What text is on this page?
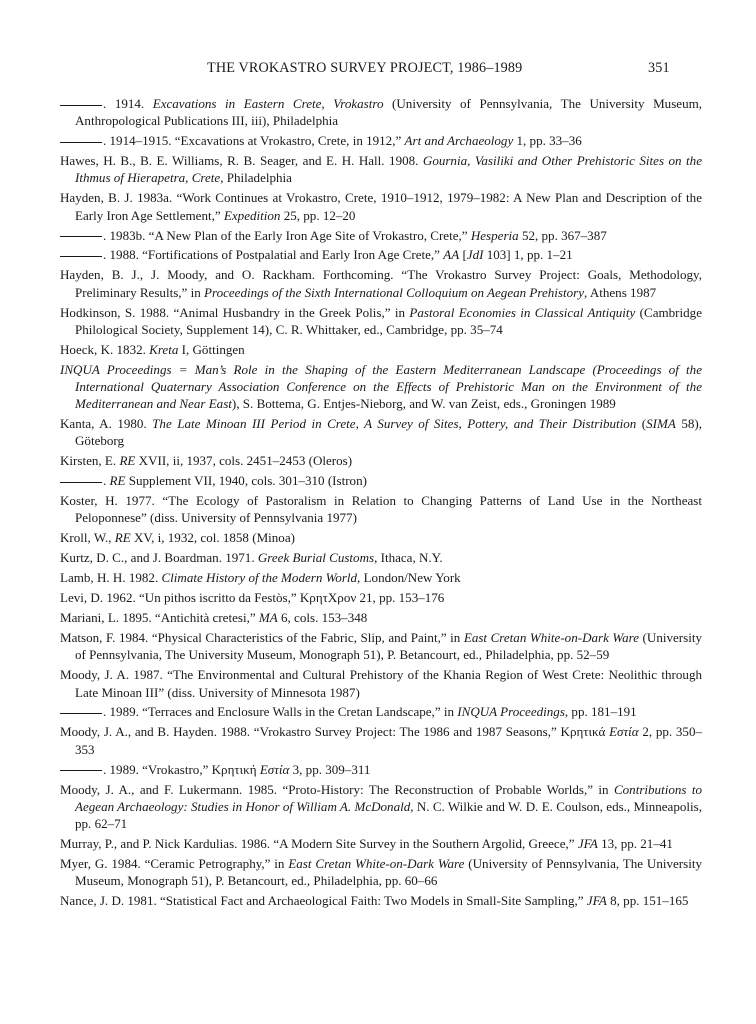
THE VROKASTRO SURVEY PROJECT, 1986–1989	351

. 1914. Excavations in Eastern Crete, Vrokastro (University of Pennsylvania, The University Museum, Anthropological Publications III, iii), Philadelphia

. 1914–1915. “Excavations at Vrokastro, Crete, in 1912,” Art and Archaeology 1, pp. 33–36

Hawes, H. B., B. E. Williams, R. B. Seager, and E. H. Hall. 1908. Gournia, Vasiliki and Other Prehistoric Sites on the Ithmus of Hierapetra, Crete, Philadelphia

Hayden, B. J. 1983a. “Work Continues at Vrokastro, Crete, 1910–1912, 1979–1982: A New Plan and Description of the Early Iron Age Settlement,” Expedition 25, pp. 12–20

. 1983b. “A New Plan of the Early Iron Age Site of Vrokastro, Crete,” Hesperia 52, pp. 367–387

. 1988. “Fortifications of Postpalatial and Early Iron Age Crete,” AA [JdI 103] 1, pp. 1–21

Hayden, B. J., J. Moody, and O. Rackham. Forthcoming. “The Vrokastro Survey Project: Goals, Methodology, Preliminary Results,” in Proceedings of the Sixth International Colloquium on Aegean Prehistory, Athens 1987

Hodkinson, S. 1988. “Animal Husbandry in the Greek Polis,” in Pastoral Economies in Classical Antiquity (Cambridge Philological Society, Supplement 14), C. R. Whittaker, ed., Cambridge, pp. 35–74

Hoeck, K. 1832. Kreta I, Göttingen

INQUA Proceedings = Man’s Role in the Shaping of the Eastern Mediterranean Landscape (Proceedings of the International Quaternary Association Conference on the Effects of Prehistoric Man on the Environment of the Mediterranean and Near East), S. Bottema, G. Entjes-Nieborg, and W. van Zeist, eds., Groningen 1989

Kanta, A. 1980. The Late Minoan III Period in Crete, A Survey of Sites, Pottery, and Their Distribution (SIMA 58), Göteborg

Kirsten, E. RE XVII, ii, 1937, cols. 2451–2453 (Oleros)

. RE Supplement VII, 1940, cols. 301–310 (Istron)

Koster, H. 1977. “The Ecology of Pastoralism in Relation to Changing Patterns of Land Use in the Northeast Peloponnese” (diss. University of Pennsylvania 1977)

Kroll, W., RE XV, i, 1932, col. 1858 (Minoa)

Kurtz, D. C., and J. Boardman. 1971. Greek Burial Customs, Ithaca, N.Y.

Lamb, H. H. 1982. Climate History of the Modern World, London/New York

Levi, D. 1962. “Un pithos iscritto da Festòs,” ΚρητΧρον 21, pp. 153–176

Mariani, L. 1895. “Antichità cretesi,” MA 6, cols. 153–348

Matson, F. 1984. “Physical Characteristics of the Fabric, Slip, and Paint,” in East Cretan White-on-Dark Ware (University of Pennsylvania, The University Museum, Monograph 51), P. Betancourt, ed., Philadelphia, pp. 52–59

Moody, J. A. 1987. “The Environmental and Cultural Prehistory of the Khania Region of West Crete: Neolithic through Late Minoan III” (diss. University of Minnesota 1987)

. 1989. “Terraces and Enclosure Walls in the Cretan Landscape,” in INQUA Proceedings, pp. 181–191

Moody, J. A., and B. Hayden. 1988. “Vrokastro Survey Project: The 1986 and 1987 Seasons,” Κρητικά Εστία 2, pp. 350–353

. 1989. “Vrokastro,” Κρητική Εστία 3, pp. 309–311

Moody, J. A., and F. Lukermann. 1985. “Proto-History: The Reconstruction of Probable Worlds,” in Contributions to Aegean Archaeology: Studies in Honor of William A. McDonald, N. C. Wilkie and W. D. E. Coulson, eds., Minneapolis, pp. 62–71

Murray, P., and P. Nick Kardulias. 1986. “A Modern Site Survey in the Southern Argolid, Greece,” JFA 13, pp. 21–41

Myer, G. 1984. “Ceramic Petrography,” in East Cretan White-on-Dark Ware (University of Pennsylvania, The University Museum, Monograph 51), P. Betancourt, ed., Philadelphia, pp. 60–66

Nance, J. D. 1981. “Statistical Fact and Archaeological Faith: Two Models in Small-Site Sampling,” JFA 8, pp. 151–165
